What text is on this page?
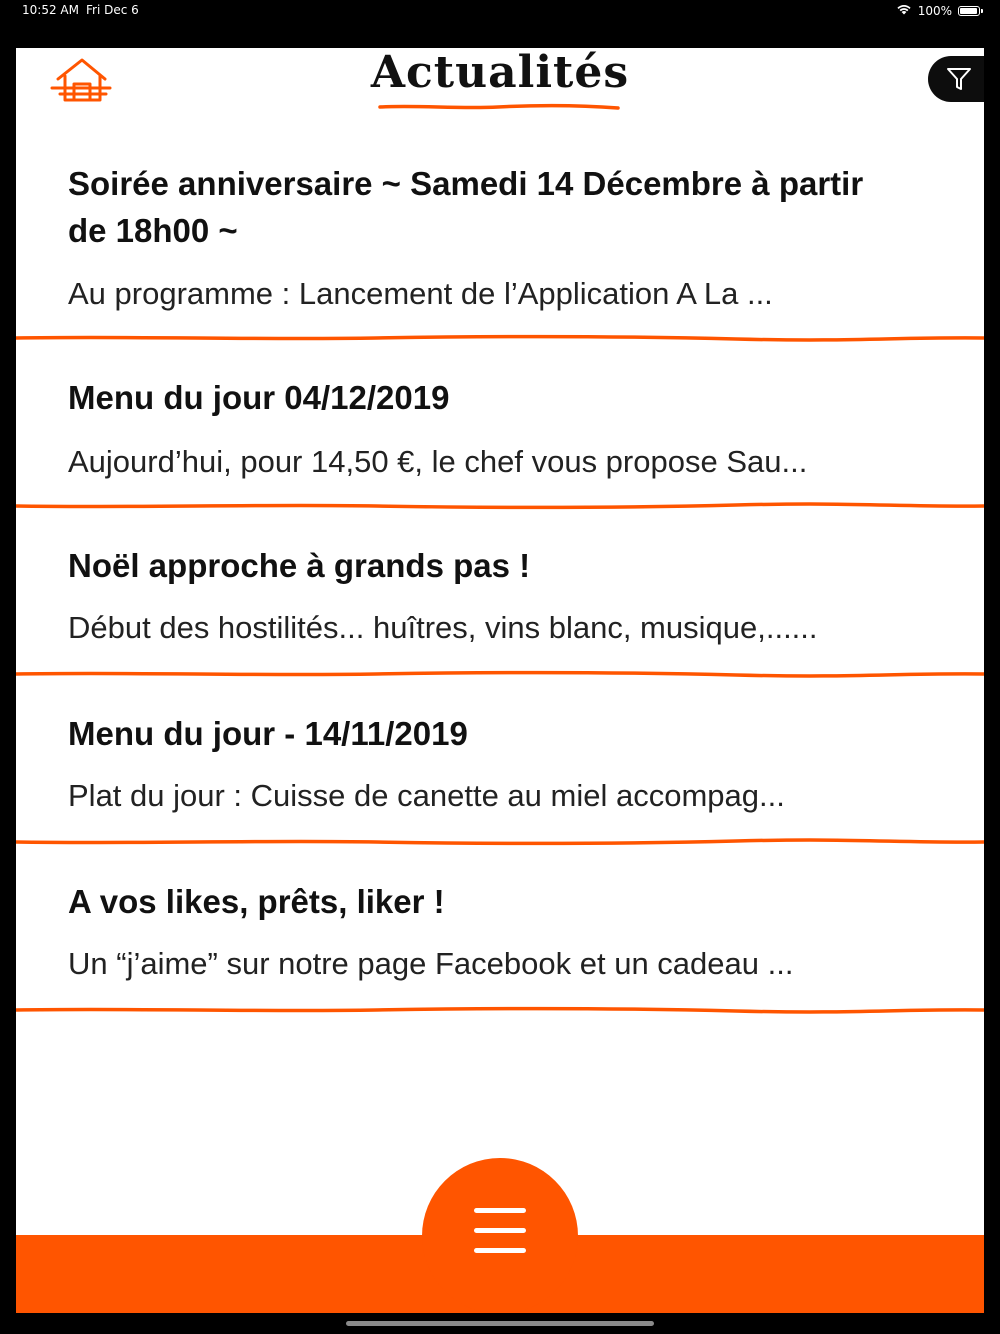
10:52 AM Fri Dec 6	100%
Actualités
Soirée anniversaire ~ Samedi 14 Décembre à partir de 18h00 ~
Au programme : Lancement de l’Application A La ...
Menu du jour 04/12/2019
Aujourd’hui, pour 14,50 €, le chef vous propose Sau...
Noël approche à grands pas !
Début des hostilités... huîtres, vins blanc, musique,......
Menu du jour - 14/11/2019
Plat du jour : Cuisse de canette au miel accompag...
A vos likes, prêts, liker !
Un “j’aime” sur notre page Facebook et un cadeau ...
